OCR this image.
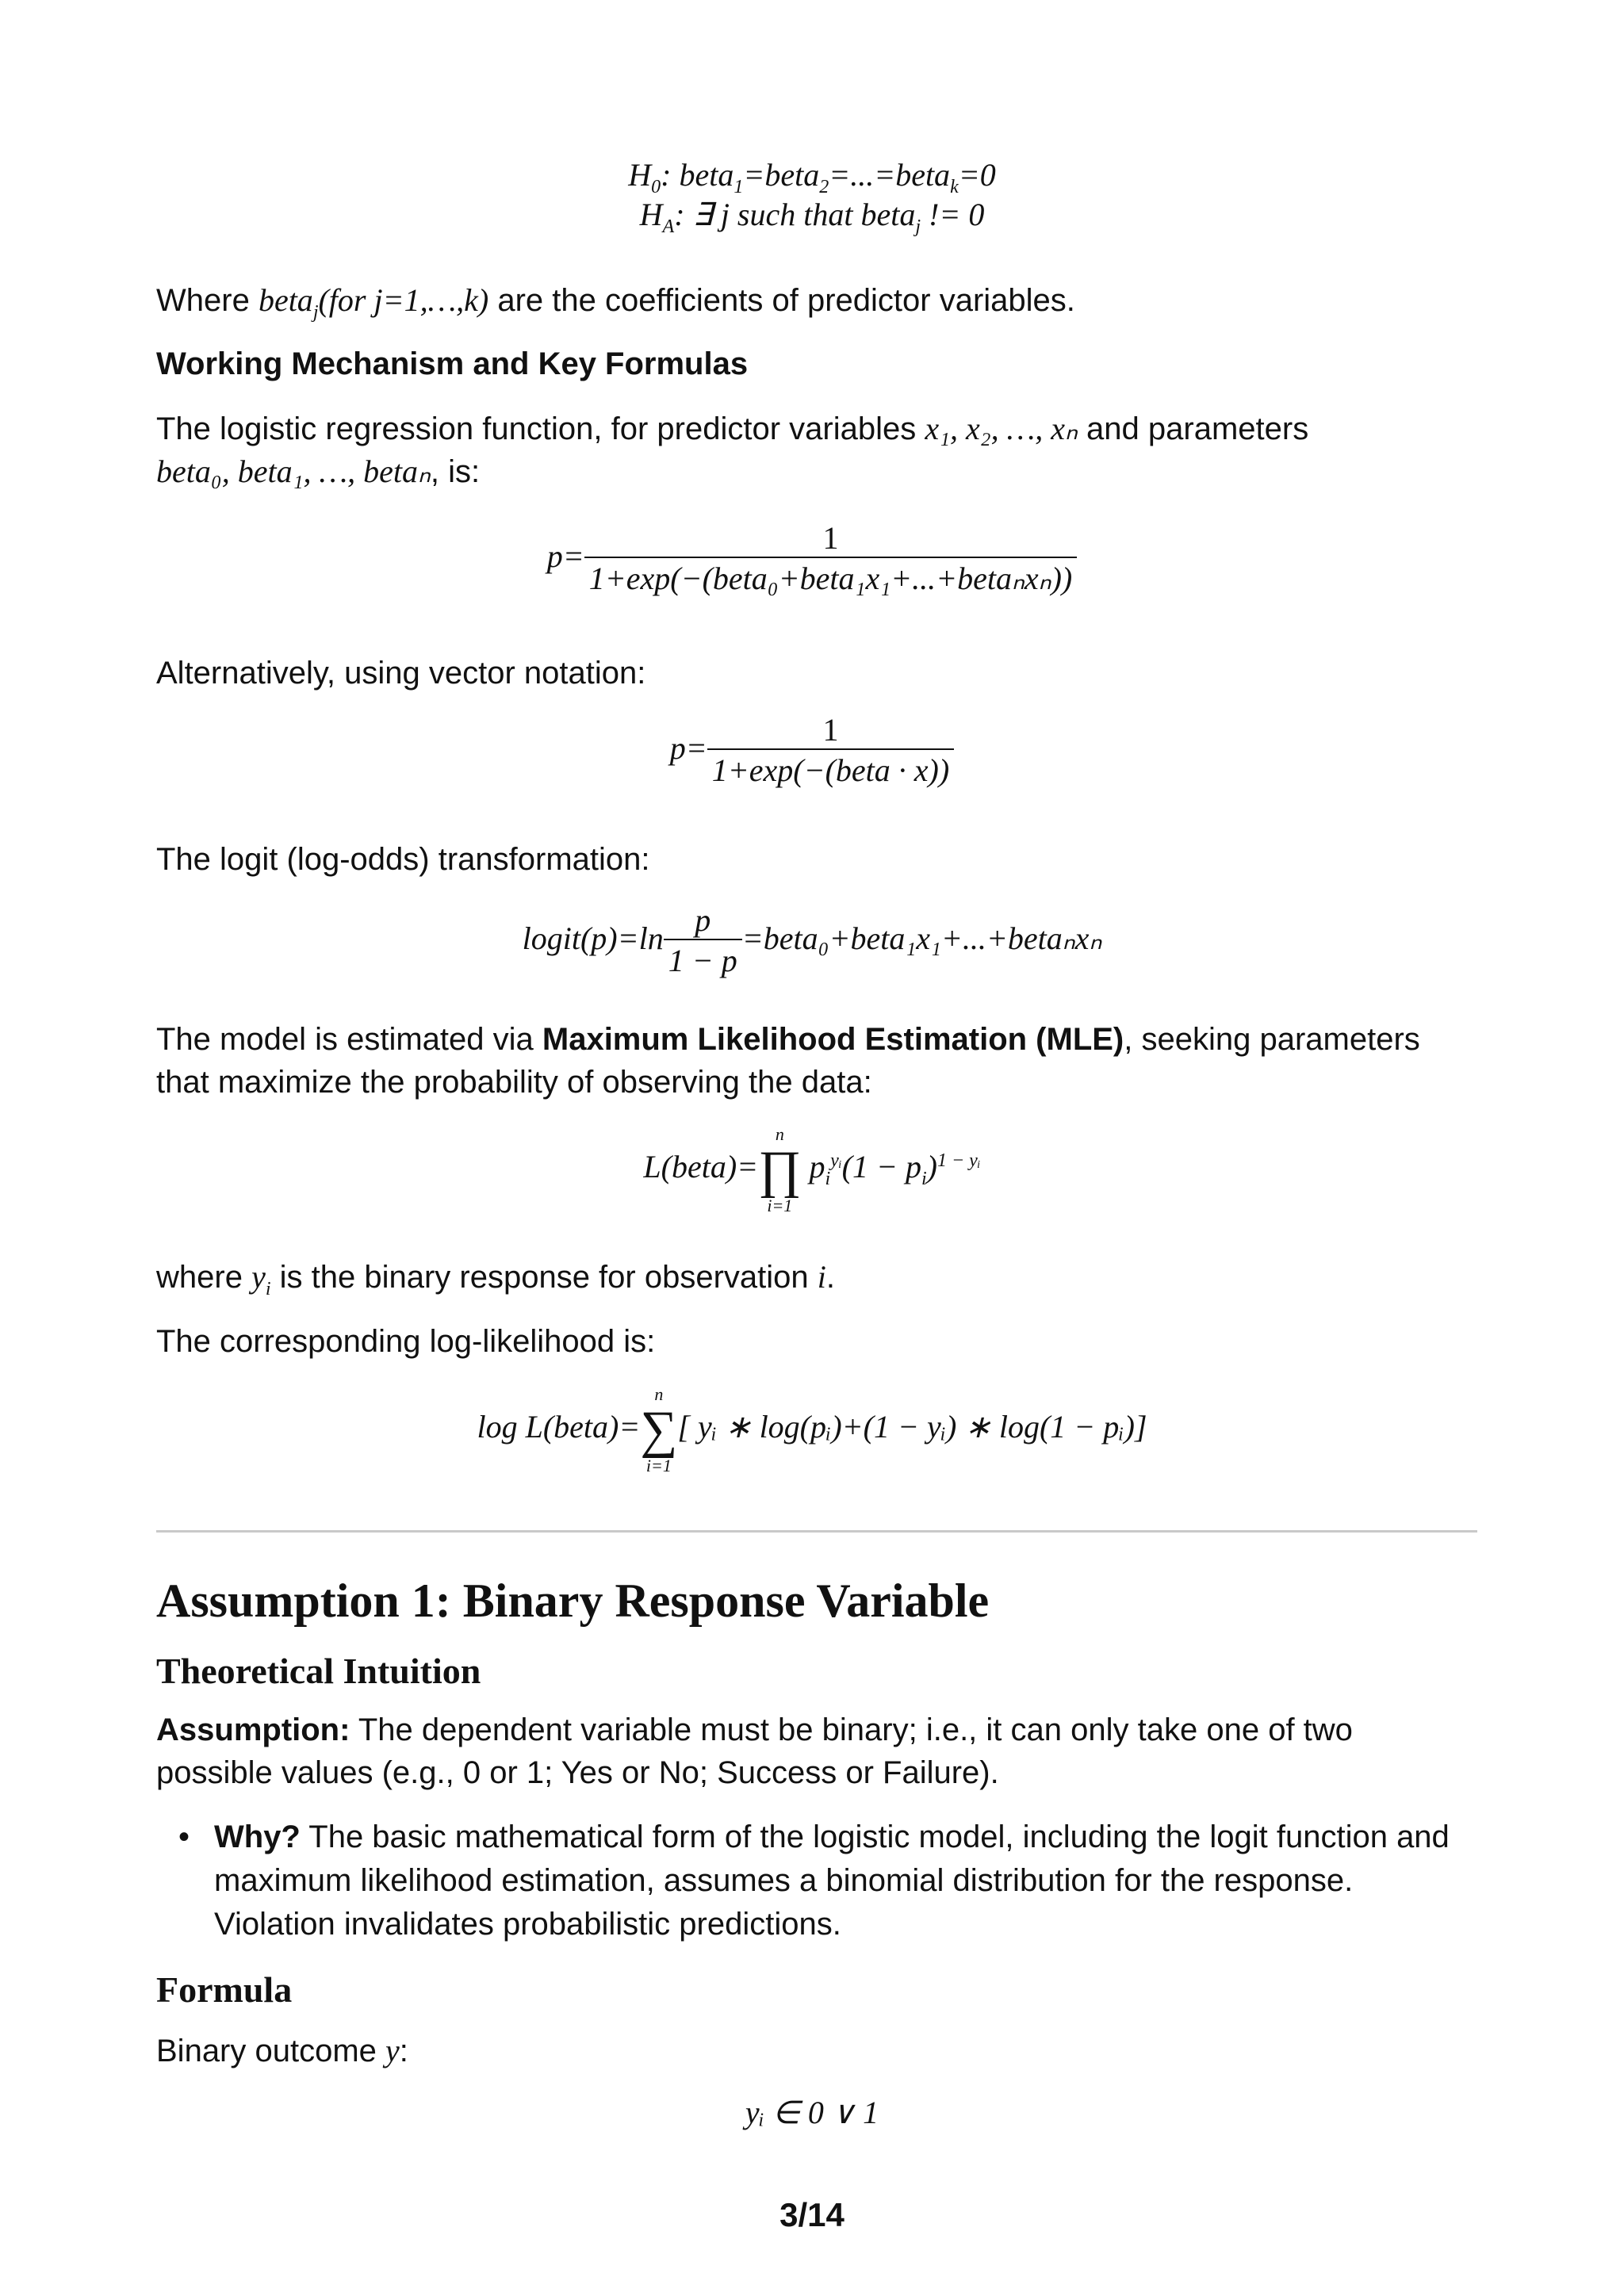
$H_0$: beta$_1$=beta$_2$=...=beta$_k$=0
$H_A$: ∃ j such that beta$_j$ != 0
Where beta$_j$(for j=1,…,k) are the coefficients of predictor variables.
Working Mechanism and Key Formulas
The logistic regression function, for predictor variables x₁, x₂, …, xₙ and parameters
beta₀, beta₁, …, betaₙ, is:
$p= \frac{1}{\text{1+exp(−(beta₀+beta₁x₁+...+betaₙxₙ))}}$
Alternatively, using vector notation:
$p= \frac{1}{\text{1+exp(−(beta · x))}}$
The logit (log-odds) transformation:
logit(p)=ln $\frac{p}{1 - p}$ =beta₀+beta₁x₁+...+betaₙxₙ
The model is estimated via Maximum Likelihood Estimation (MLE), seeking parameters that maximize the probability of observing the data:
L(beta)=
n
∏
i=1
$p_i^{yᵢ}(1 - p_i)^{1 - yᵢ}$
where $y_i$ is the binary response for observation i.
The corresponding log-likelihood is:
log L(beta)=
n
∑
i=1
[ yᵢ ∗ log(pᵢ)+(1 − yᵢ) ∗ log(1 − pᵢ)]
Assumption 1: Binary Response Variable
Theoretical Intuition
Assumption: The dependent variable must be binary; i.e., it can only take one of two possible values (e.g., 0 or 1; Yes or No; Success or Failure).
• Why? The basic mathematical form of the logistic model, including the logit function and maximum likelihood estimation, assumes a binomial distribution for the response. Violation invalidates probabilistic predictions.
Formula
Binary outcome y:
yᵢ ∈ 0 ∨ 1
3/14
